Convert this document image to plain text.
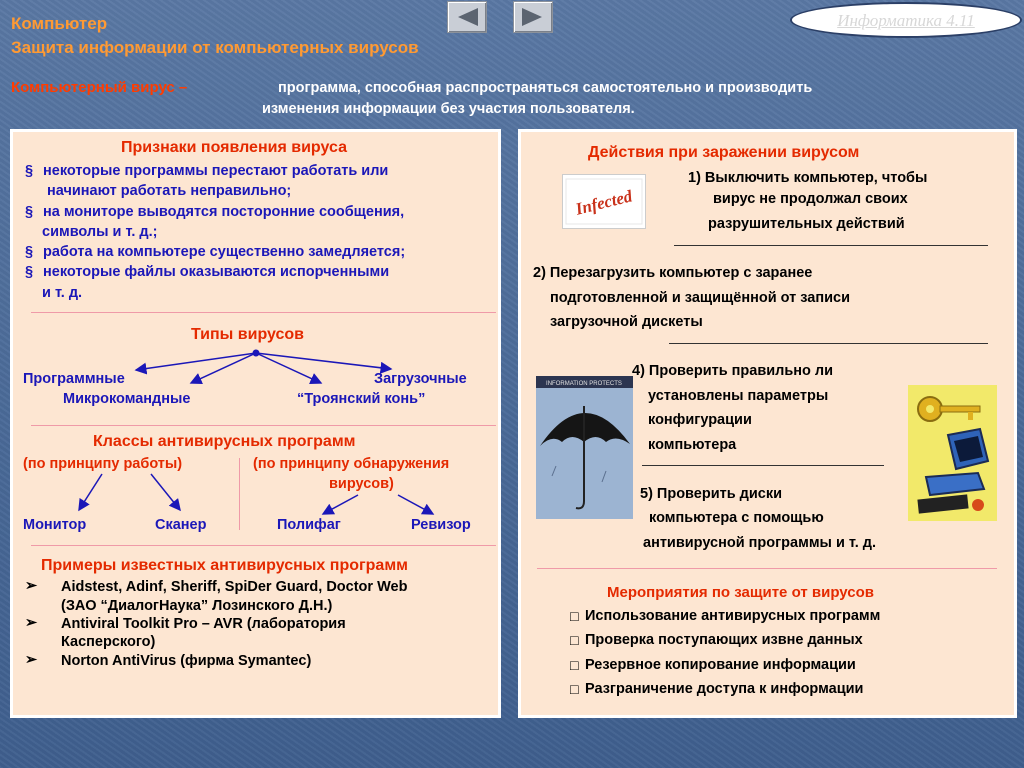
Компьютер
Защита информации от компьютерных вирусов
Информатика 4.11
Компьютерный вирус –	программа, способная распространяться самостоятельно и производить
изменения информации без участия пользователя.
Признаки появления вируса
§ некоторые программы перестают работать или
начинают работать неправильно;
§ на мониторе выводятся посторонние сообщения,
символы и т. д.;
§ работа на компьютере существенно замедляется;
§ некоторые файлы оказываются испорченными
и т. д.
Типы вирусов
Программные	Загрузочные
Микрокомандные	“Троянский конь”
Классы антивирусных программ
(по принципу работы)	(по принципу обнаружения
вирусов)
Монитор	Сканер	Полифаг	Ревизор
Примеры известных антивирусных программ
➢ Aidstest, Adinf, Sheriff, SpiDer Guard, Doctor Web
(ЗАО “ДиалогНаука” Лозинского Д.Н.)
➢ Antiviral Toolkit Pro – AVR (лаборатория
Касперского)
➢ Norton AntiVirus (фирма Symantec)
Действия при заражении вирусом
Infected
1) Выключить компьютер, чтобы
вирус не продолжал своих
разрушительных действий
2) Перезагрузить компьютер с заранее
подготовленной и защищённой от записи
загрузочной дискеты
INFORMATION PROTECTS
4) Проверить правильно ли
установлены параметры
конфигурации
компьютера
5) Проверить диски
компьютера с помощью
антивирусной программы и т. д.
Мероприятия по защите от вирусов
□ Использование антивирусных программ
□ Проверка поступающих извне данных
□ Резервное копирование информации
□ Разграничение доступа к информации
